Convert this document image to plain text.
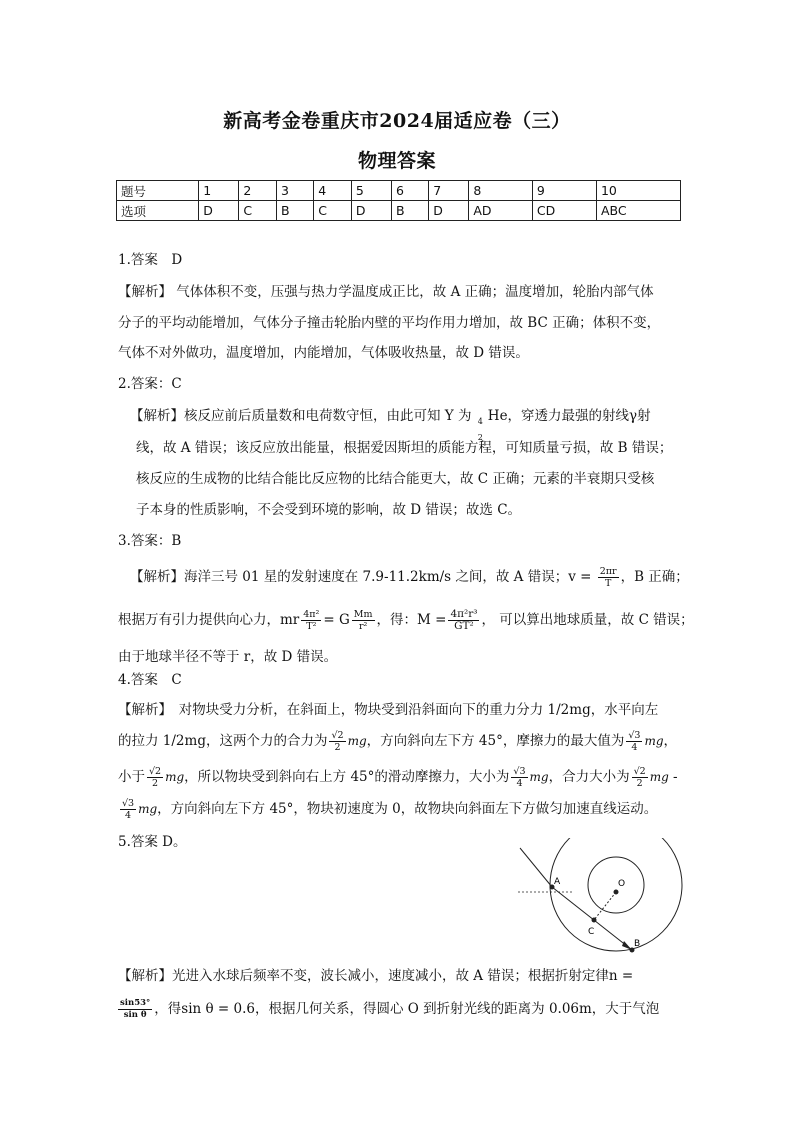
新高考金卷重庆市2024届适应卷（三）
物理答案
题号	1	2	3	4	5	6	7	8	9	10
选项	D	C	B	C	D	B	D	AD	CD	ABC
1.答案　D
【解析】 气体体积不变，压强与热力学温度成正比，故 A 正确；温度增加，轮胎内部气体
分子的平均动能增加，气体分子撞击轮胎内壁的平均作用力增加，故 BC 正确；体积不变，
气体不对外做功，温度增加，内能增加，气体吸收热量，故 D 错误。
2.答案：C
【解析】核反应前后质量数和电荷数守恒，由此可知 Y 为 4
2
He，穿透力最强的射线γ射
线，故 A 错误；该反应放出能量，根据爱因斯坦的质能方程，可知质量亏损，故 B 错误；
核反应的生成物的比结合能比反应物的比结合能更大，故 C 正确；元素的半衰期只受核
子本身的性质影响，不会受到环境的影响，故 D 错误；故选 C。
3.答案：B
【解析】海洋三号 01 星的发射速度在 7.9-11.2km/s 之间，故 A 错误；$v = \frac{2\pi r}{T}$ ，B 正确；
根据万有引力提供向心力，mr $\frac{\text{4π²}}{\text{T²}} = G \frac{Mm}{\text{r²}}$ ，得：$M = \frac{\text{4π²r³}}{\text{GT²}}$ ， 可以算出地球质量，故 C 错误；
由于地球半径不等于 r，故 D 错误。
4.答案　C
【解析】　对物块受力分析，在斜面上，物块受到沿斜面向下的重力分力 1/2mg，水平向左
的拉力 1/2mg，这两个力的合力为 $\frac{√2}{2}$ mg，方向斜向左下方 45°，摩擦力的最大值为 $\frac{√3}{4}$ mg，
小于 $\frac{√2}{2}$ mg，所以物块受到斜向右上方 45°的滑动摩擦力，大小为 $\frac{√3}{4}$ mg，合力大小为 $\frac{√2}{2}$ mg -
$\frac{√3}{4}$ mg，方向斜向左下方 45°，物块初速度为 0，故物块向斜面左下方做匀加速直线运动。
5.答案 D。
A	O
C
B
【解析】光进入水球后频率不变，波长减小，速度减小，故 A 错误；根据折射定律n =
$\frac{\sin 53^\circ}{\text{sin θ}}$ ，得sin θ = 0.6，根据几何关系，得圆心 O 到折射光线的距离为 0.06m，大于气泡
